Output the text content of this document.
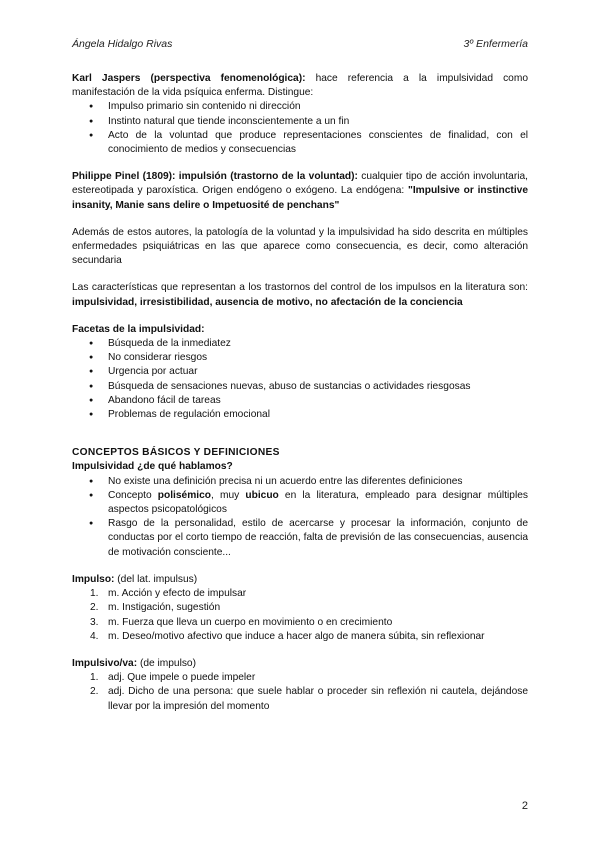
Ángela Hidalgo Rivas	3º Enfermería

Karl Jaspers (perspectiva fenomenológica): hace referencia a la impulsividad como manifestación de la vida psíquica enferma. Distingue:

● Impulso primario sin contenido ni dirección
● Instinto natural que tiende inconscientemente a un fin
● Acto de la voluntad que produce representaciones conscientes de finalidad, con el conocimiento de medios y consecuencias

Philippe Pinel (1809): impulsión (trastorno de la voluntad): cualquier tipo de acción involuntaria, estereotipada y paroxística. Origen endógeno o exógeno. La endógena: "Impulsive or instinctive insanity, Manie sans delire o Impetuosité de penchans"

Además de estos autores, la patología de la voluntad y la impulsividad ha sido descrita en múltiples enfermedades psiquiátricas en las que aparece como consecuencia, es decir, como alteración secundaria

Las características que representan a los trastornos del control de los impulsos en la literatura son: impulsividad, irresistibilidad, ausencia de motivo, no afectación de la conciencia

Facetas de la impulsividad:

● Búsqueda de la inmediatez
● No considerar riesgos
● Urgencia por actuar
● Búsqueda de sensaciones nuevas, abuso de sustancias o actividades riesgosas
● Abandono fácil de tareas
● Problemas de regulación emocional

CONCEPTOS BÁSICOS Y DEFINICIONES

Impulsividad ¿de qué hablamos?

● No existe una definición precisa ni un acuerdo entre las diferentes definiciones
● Concepto polisémico, muy ubicuo en la literatura, empleado para designar múltiples aspectos psicopatológicos
● Rasgo de la personalidad, estilo de acercarse y procesar la información, conjunto de conductas por el corto tiempo de reacción, falta de previsión de las consecuencias, ausencia de motivación consciente...

Impulso: (del lat. impulsus)

m. Acción y efecto de impulsar
m. Instigación, sugestión
m. Fuerza que lleva un cuerpo en movimiento o en crecimiento
m. Deseo/motivo afectivo que induce a hacer algo de manera súbita, sin reflexionar

Impulsivo/va: (de impulso)

adj. Que impele o puede impeler
adj. Dicho de una persona: que suele hablar o proceder sin reflexión ni cautela, dejándose llevar por la impresión del momento
2
